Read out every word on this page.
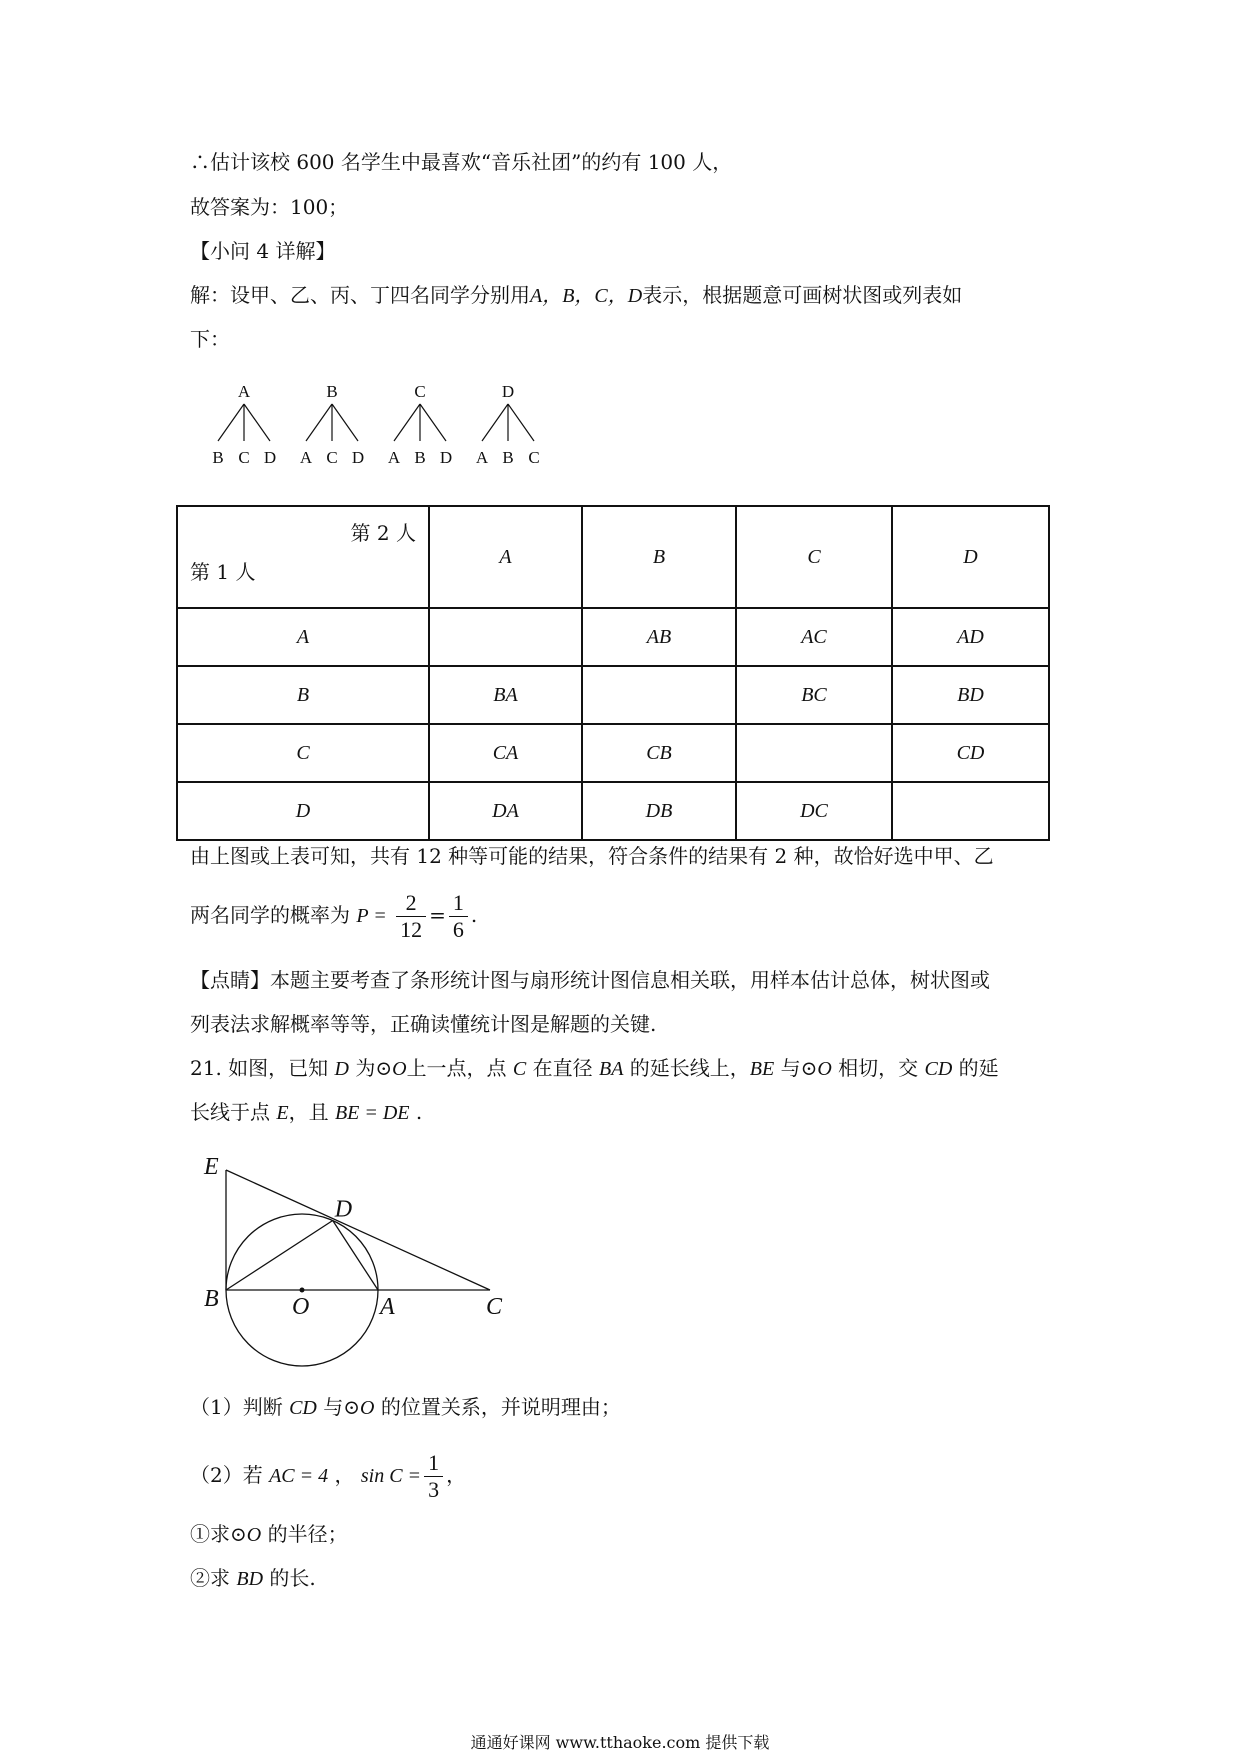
∴估计该校 600 名学生中最喜欢“音乐社团”的约有 100 人，
故答案为：100；
【小问 4 详解】
解：设甲、乙、丙、丁四名同学分别用A，B，C，D表示，根据题意可画树状图或列表如
下：
A
B C D
B
A C D
C
A B D
D
A B C
第 2 人
第 1 人	A	B	C	D
A		AB	AC	AD
B	BA		BC	BD
C	CA	CB		CD
D	DA	DB	DC	
由上图或上表可知，共有 12 种等可能的结果，符合条件的结果有 2 种，故恰好选中甲、乙
两名同学的概率为 $P = \frac{2}{12} = \frac{1}{6}$ .
【点睛】本题主要考查了条形统计图与扇形统计图信息相关联，用样本估计总体，树状图或
列表法求解概率等等，正确读懂统计图是解题的关键.
21. 如图，已知 D 为⊙O上一点，点 C 在直径 BA 的延长线上，BE 与⊙O 相切，交 CD 的延
长线于点 E，且 BE = DE .
E
D
B	O	A	C
（1）判断 CD 与⊙O 的位置关系，并说明理由；
（2）若 AC = 4 ， $\sin C = \frac{1}{3}$ ，
①求⊙O 的半径；
②求 BD 的长.
通通好课网 www.tthaoke.com 提供下载
